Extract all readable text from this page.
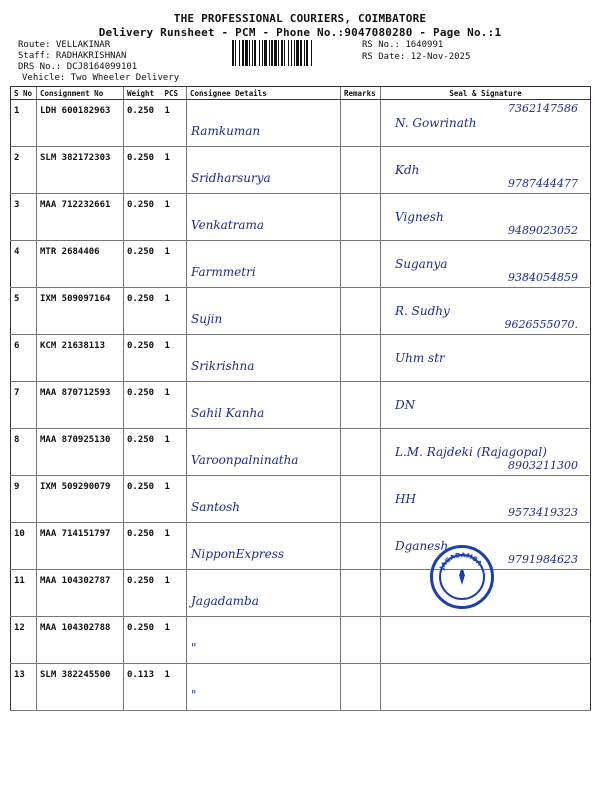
THE PROFESSIONAL COURIERS, COIMBATORE
Delivery Runsheet - PCM - Phone No.:9047080280 - Page No.:1
Route: VELLAKINAR
Staff: RADHAKRISHNAN
DRS No.: DCJ8164099101
Vehicle: Two Wheeler Delivery
RS No.: 1640991
RS Date: 12-Nov-2025
S No	Consignment No	Weight	PCS	Consignee Details	Remarks	Seal & Signature
1	LDH 600182963	0.250	1	Ramkuman		N. Gowrinath
7362147586

2	SLM 382172303	0.250	1	Sridharsurya		Kdh
9787444477

3	MAA 712232661	0.250	1	Venkatrama		Vignesh
9489023052

4	MTR 2684406	0.250	1	Farmmetri		Suganya
9384054859

5	IXM 509097164	0.250	1	Sujin		R. Sudhy
9626555070.

6	KCM 21638113	0.250	1	Srikrishna		Uhm str

7	MAA 870712593	0.250	1	Sahil Kanha		DN

8	MAA 870925130	0.250	1	Varoonpalninatha		L.M. Rajdeki (Rajagopal)
8903211300

9	IXM 509290079	0.250	1	Santosh		HH
9573419323

10	MAA 714151797	0.250	1	NipponExpress		Dganesh
9791984623

11	MAA 104302787	0.250	1	Jagadamba		

12	MAA 104302788	0.250	1	"		

13	SLM 382245500	0.113	1	"		

JAGADAMBA
